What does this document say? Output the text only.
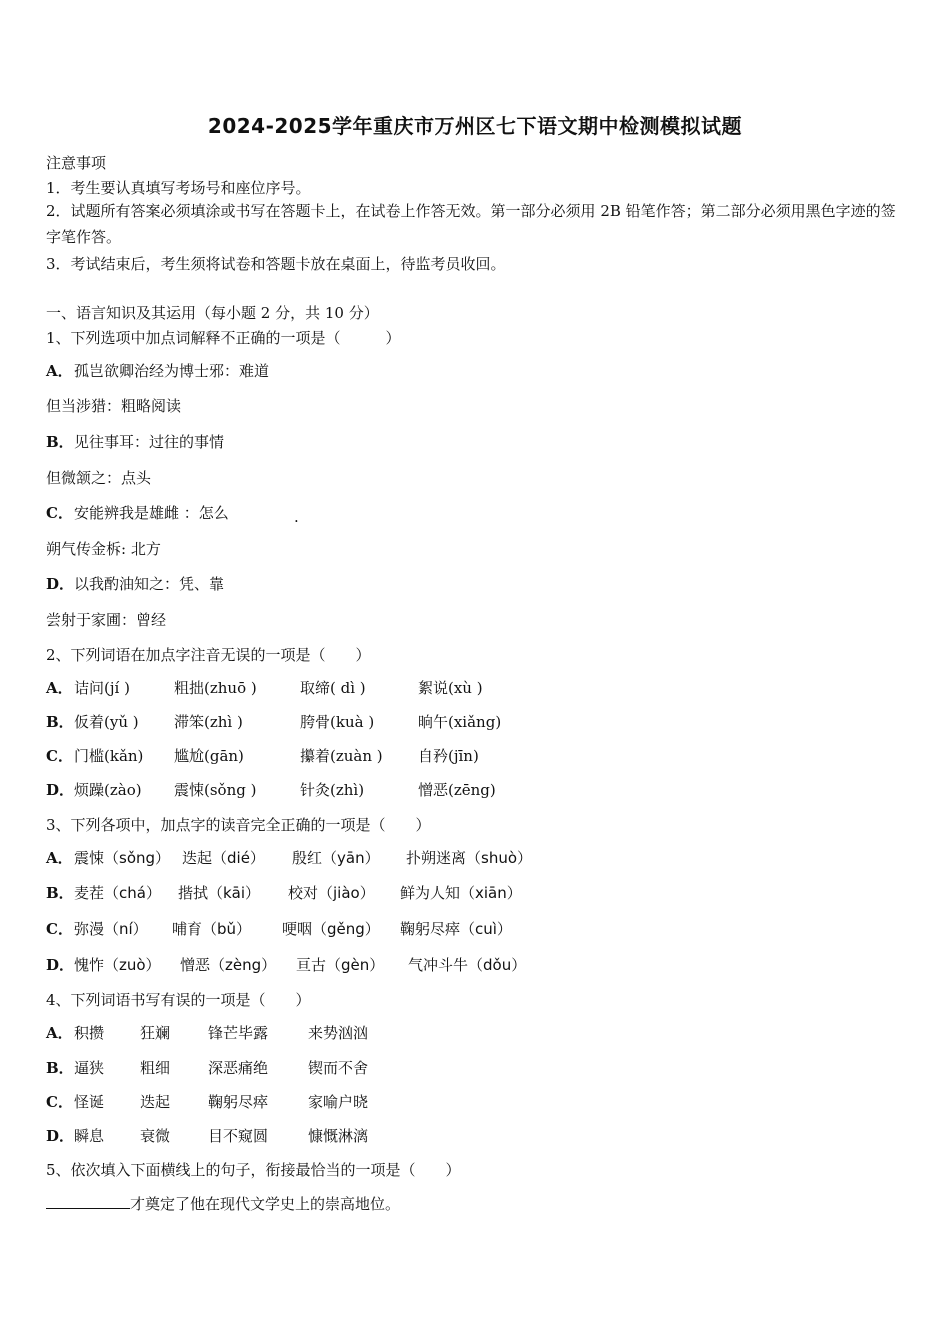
2024-2025学年重庆市万州区七下语文期中检测模拟试题
注意事项
1．考生要认真填写考场号和座位序号。
2．试题所有答案必须填涂或书写在答题卡上，在试卷上作答无效。第一部分必须用 2B 铅笔作答；第二部分必须用黑色字迹的签字笔作答。
3．考试结束后，考生须将试卷和答题卡放在桌面上，待监考员收回。
一、语言知识及其运用（每小题 2 分，共 10 分）
1、下列选项中加点词解释不正确的一项是（　　　）
A．孤岂欲卿治经为博士邪：难道
但当涉猎：粗略阅读
B．见往事耳：过往的事情
但微颔之：点头
C．安能辨我是雄雌 ：怎么	.
朔气传金柝: 北方
D．以我酌油知之：凭、靠
尝射于家圃：曾经
2、下列词语在加点字注音无误的一项是（　　）
A． 诘问(jí )	粗拙(zhuō )	取缔( dì )	絮说(xù )
B． 仮着(yǔ ) 滞笨(zhì )	胯骨(kuà )	晌午(xiǎng)
C． 门槛(kǎn) 尴尬(gān)	攥着(zuàn ) 自矜(jīn)
D． 烦躁(zào) 震悚(sǒng )	针灸(zhì)	憎恶(zēng)
3、下列各项中，加点字的读音完全正确的一项是（　　）
A． 震悚（sǒng） 迭起（dié） 殷红（yān） 扑朔迷离（shuò）
B． 麦茬（chá） 揩拭（kāi） 校对（jiào） 鲜为人知（xiān）
C． 弥漫（ní） 哺育（bǔ） 哽咽（gěng） 鞠躬尽瘁（cuì）
D． 愧怍（zuò） 憎恶（zèng） 亘古（gèn） 气冲斗牛（dǒu）
4、下列词语书写有误的一项是（　　）
A． 积攒 狂斓	锋芒毕露	来势汹汹
B． 逼狭 粗细	深恶痛绝	锲而不舍
C． 怪诞 迭起	鞠躬尽瘁	家喻户晓
D． 瞬息 衰微	目不窥圆	慷慨淋漓
5、依次填入下面横线上的句子，衔接最恰当的一项是（　　）
才奠定了他在现代文学史上的崇高地位。
